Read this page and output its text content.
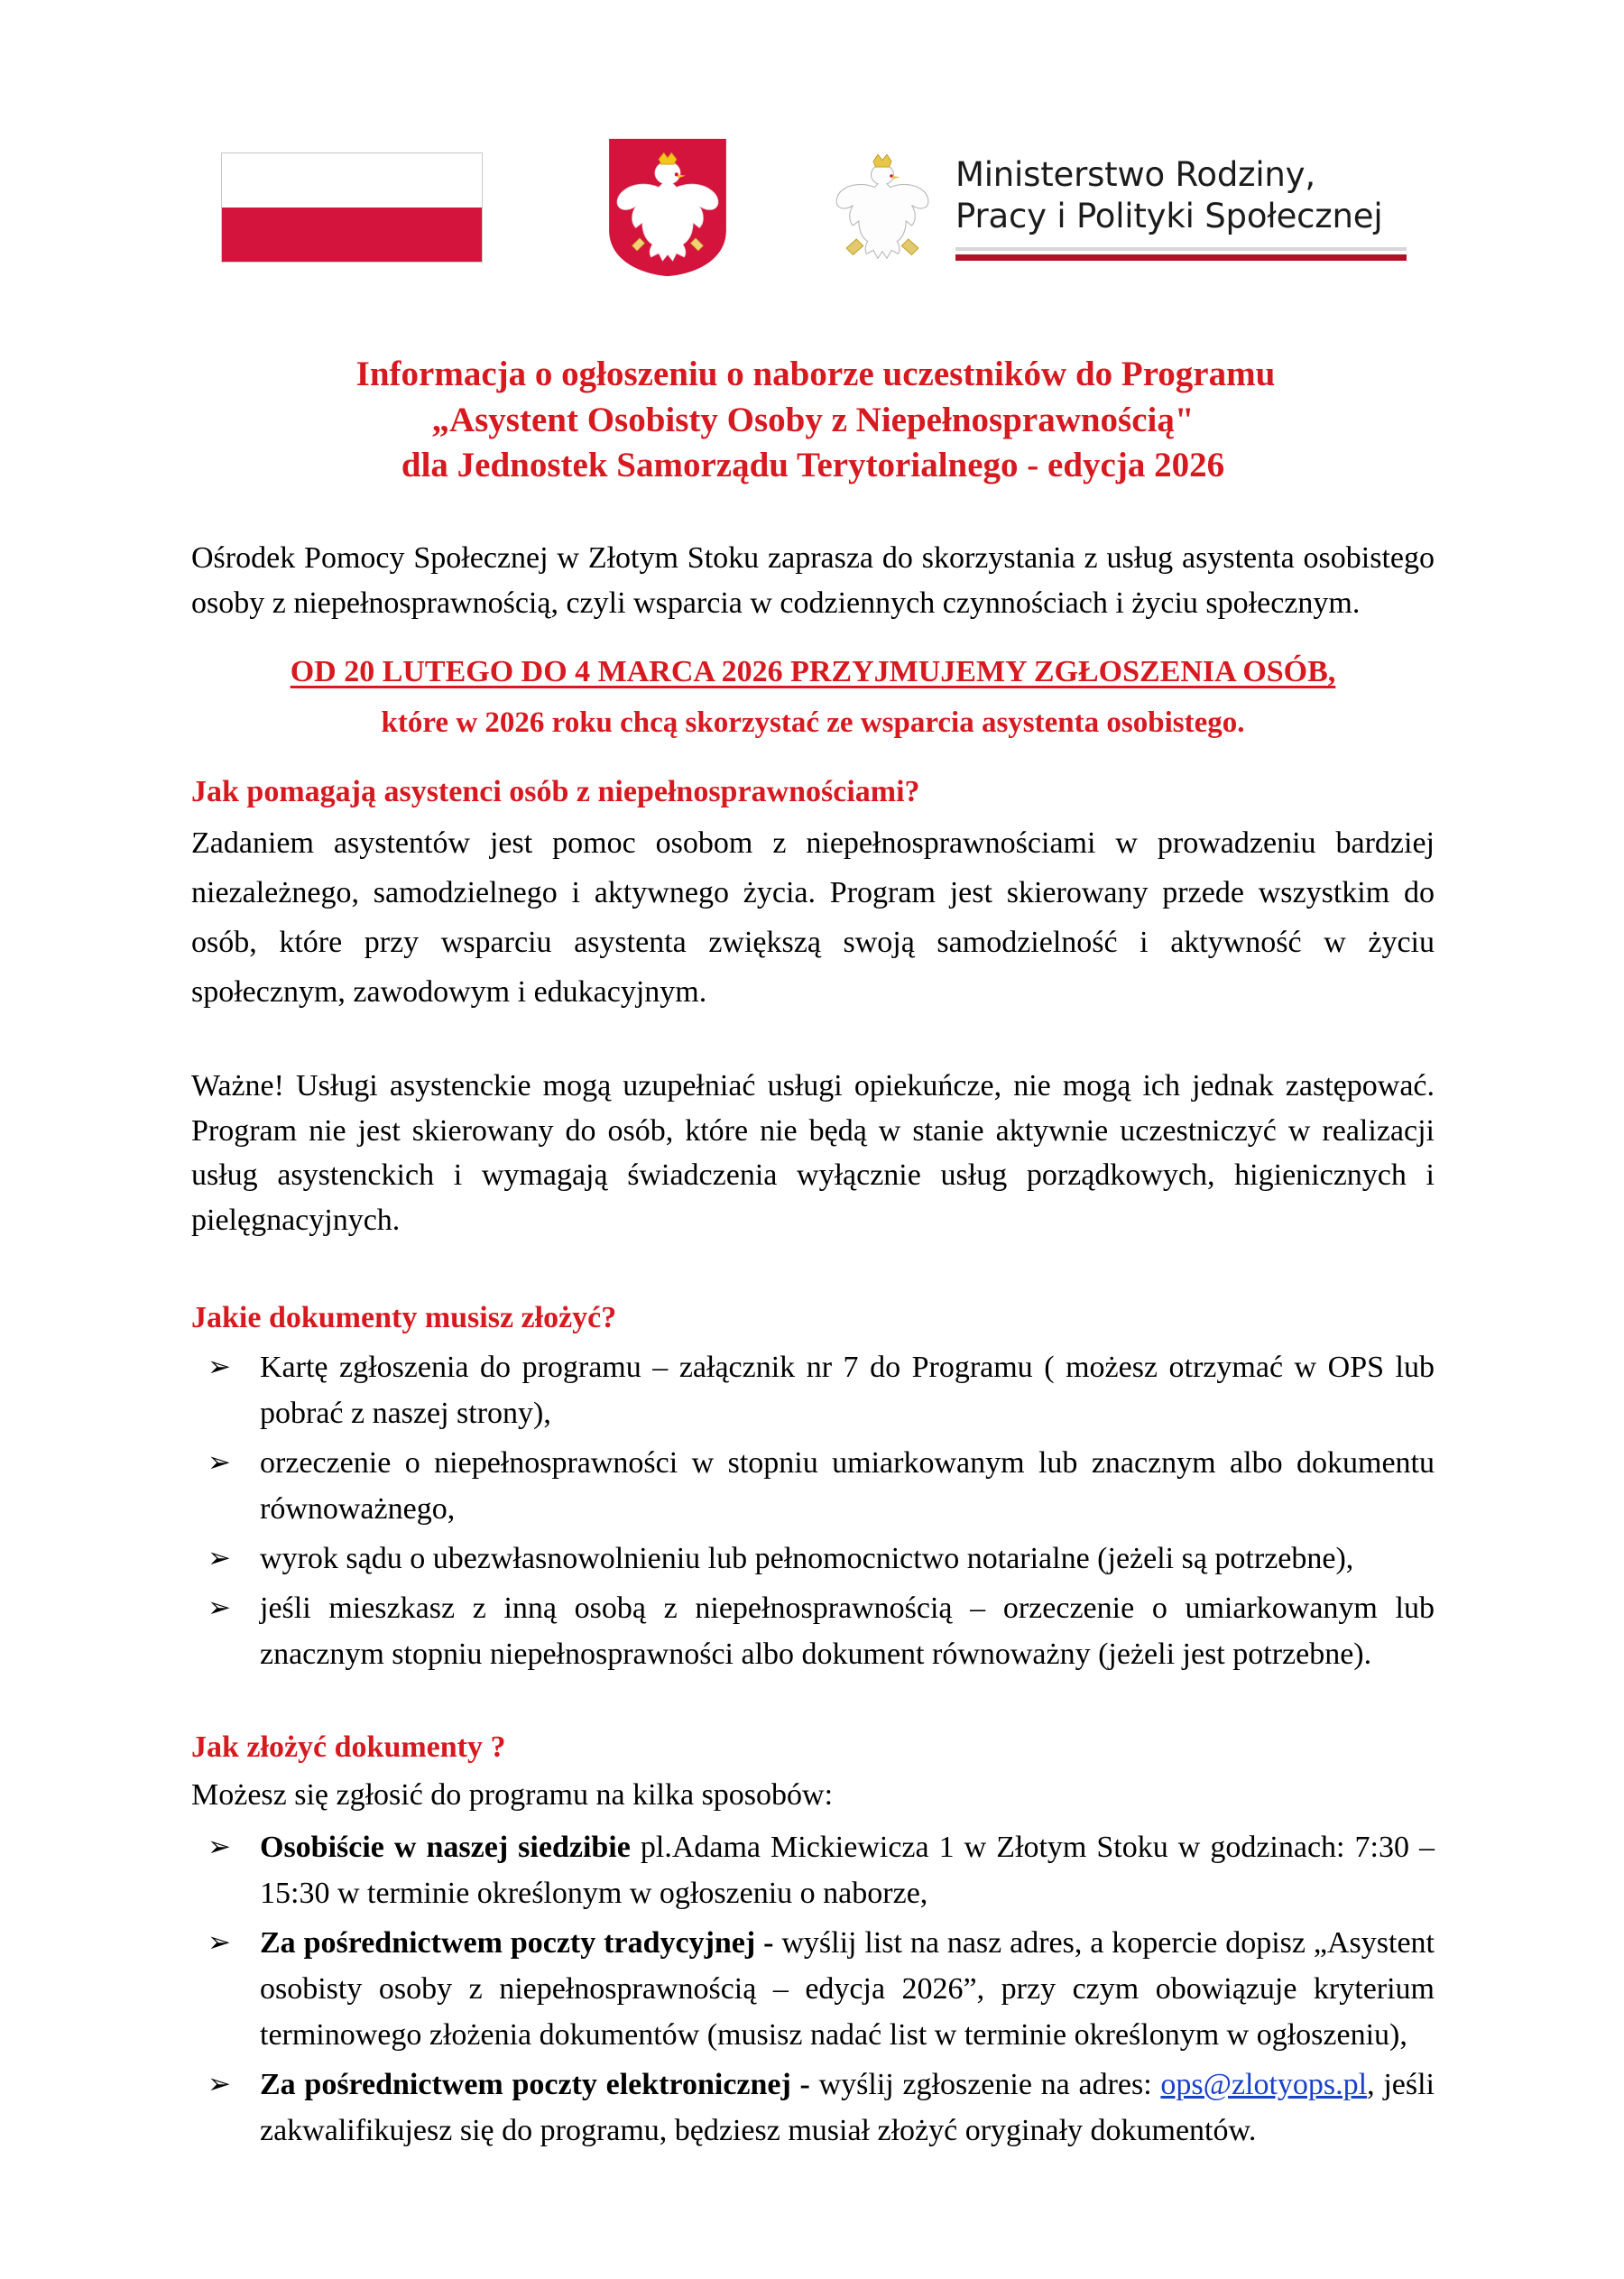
Ministerstwo Rodziny,
Pracy i Polityki Społecznej
Informacja o ogłoszeniu o naborze uczestników do Programu
„Asystent Osobisty Osoby z Niepełnosprawnością"
dla Jednostek Samorządu Terytorialnego - edycja 2026

Ośrodek Pomocy Społecznej w Złotym Stoku zaprasza do skorzystania z usług asystenta osobistego osoby z niepełnosprawnością, czyli wsparcia w codziennych czynnościach i życiu społecznym.

OD 20 LUTEGO DO 4 MARCA 2026 PRZYJMUJEMY ZGŁOSZENIA OSÓB,
które w 2026 roku chcą skorzystać ze wsparcia asystenta osobistego.
Jak pomagają asystenci osób z niepełnosprawnościami?

Zadaniem asystentów jest pomoc osobom z niepełnosprawnościami w prowadzeniu bardziej niezależnego, samodzielnego i aktywnego życia. Program jest skierowany przede wszystkim do osób, które przy wsparciu asystenta zwiększą swoją samodzielność i aktywność w życiu społecznym, zawodowym i edukacyjnym.

Ważne! Usługi asystenckie mogą uzupełniać usługi opiekuńcze, nie mogą ich jednak zastępować. Program nie jest skierowany do osób, które nie będą w stanie aktywnie uczestniczyć w realizacji usług asystenckich i wymagają świadczenia wyłącznie usług porządkowych, higienicznych i pielęgnacyjnych.

Jakie dokumenty musisz złożyć?
➢ Kartę zgłoszenia do programu – załącznik nr 7 do Programu ( możesz otrzymać w OPS lub pobrać z naszej strony),
➢ orzeczenie o niepełnosprawności w stopniu umiarkowanym lub znacznym albo dokumentu równoważnego,
➢ wyrok sądu o ubezwłasnowolnieniu lub pełnomocnictwo notarialne (jeżeli są potrzebne),
➢ jeśli mieszkasz z inną osobą z niepełnosprawnością – orzeczenie o umiarkowanym lub znacznym stopniu niepełnosprawności albo dokument równoważny (jeżeli jest potrzebne).
Jak złożyć dokumenty ?

Możesz się zgłosić do programu na kilka sposobów:

➢ Osobiście w naszej siedzibie pl.Adama Mickiewicza 1 w Złotym Stoku w godzinach: 7:30 – 15:30 w terminie określonym w ogłoszeniu o naborze,
➢ Za pośrednictwem poczty tradycyjnej - wyślij list na nasz adres, a kopercie dopisz „Asystent osobisty osoby z niepełnosprawnością – edycja 2026”, przy czym obowiązuje kryterium terminowego złożenia dokumentów (musisz nadać list w terminie określonym w ogłoszeniu),
➢ Za pośrednictwem poczty elektronicznej - wyślij zgłoszenie na adres: ops@zlotyops.pl, jeśli zakwalifikujesz się do programu, będziesz musiał złożyć oryginały dokumentów.
